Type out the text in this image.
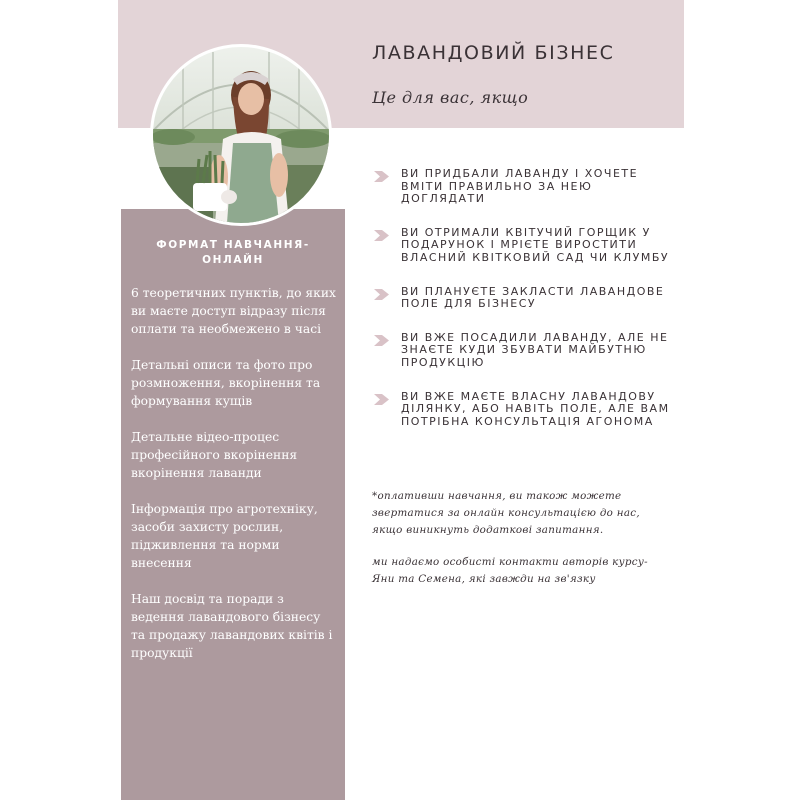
ЛАВАНДОВИЙ БІЗНЕС
Це для вас, якщо
ФОРМАТ НАВЧАННЯ-
ОНЛАЙН
6 теоретичних пунктів, до яких ви маєте доступ відразу після оплати та необмежено в часі
Детальні описи та фото про розмноження, вкорінення та формування кущів
Детальне відео-процес професійного вкорінення вкорінення лаванди
Інформація про агротехніку, засоби захисту рослин, підживлення та норми внесення
Наш досвід та поради з ведення лавандового бізнесу та продажу лавандових квітів і продукції
ВИ ПРИДБАЛИ ЛАВАНДУ І ХОЧЕТЕ ВМІТИ ПРАВИЛЬНО ЗА НЕЮ ДОГЛЯДАТИ
ВИ ОТРИМАЛИ КВІТУЧИЙ ГОРЩИК У ПОДАРУНОК І МРІЄТЕ ВИРОСТИТИ ВЛАСНИЙ КВІТКОВИЙ САД ЧИ КЛУМБУ
ВИ ПЛАНУЄТЕ ЗАКЛАСТИ ЛАВАНДОВЕ ПОЛЕ ДЛЯ БІЗНЕСУ
ВИ ВЖЕ ПОСАДИЛИ ЛАВАНДУ, АЛЕ НЕ ЗНАЄТЕ КУДИ ЗБУВАТИ МАЙБУТНЮ ПРОДУКЦІЮ
ВИ ВЖЕ МАЄТЕ ВЛАСНУ ЛАВАНДОВУ ДІЛЯНКУ, АБО НАВІТЬ ПОЛЕ, АЛЕ ВАМ ПОТРІБНА КОНСУЛЬТАЦІЯ АГОНОМА
*оплативши навчання, ви також можете звертатися за онлайн консультацією до нас, якщо виникнуть додаткові запитання.
ми надаємо особисті контакти авторів курсу- Яни та Семена, які завжди на зв'язку
